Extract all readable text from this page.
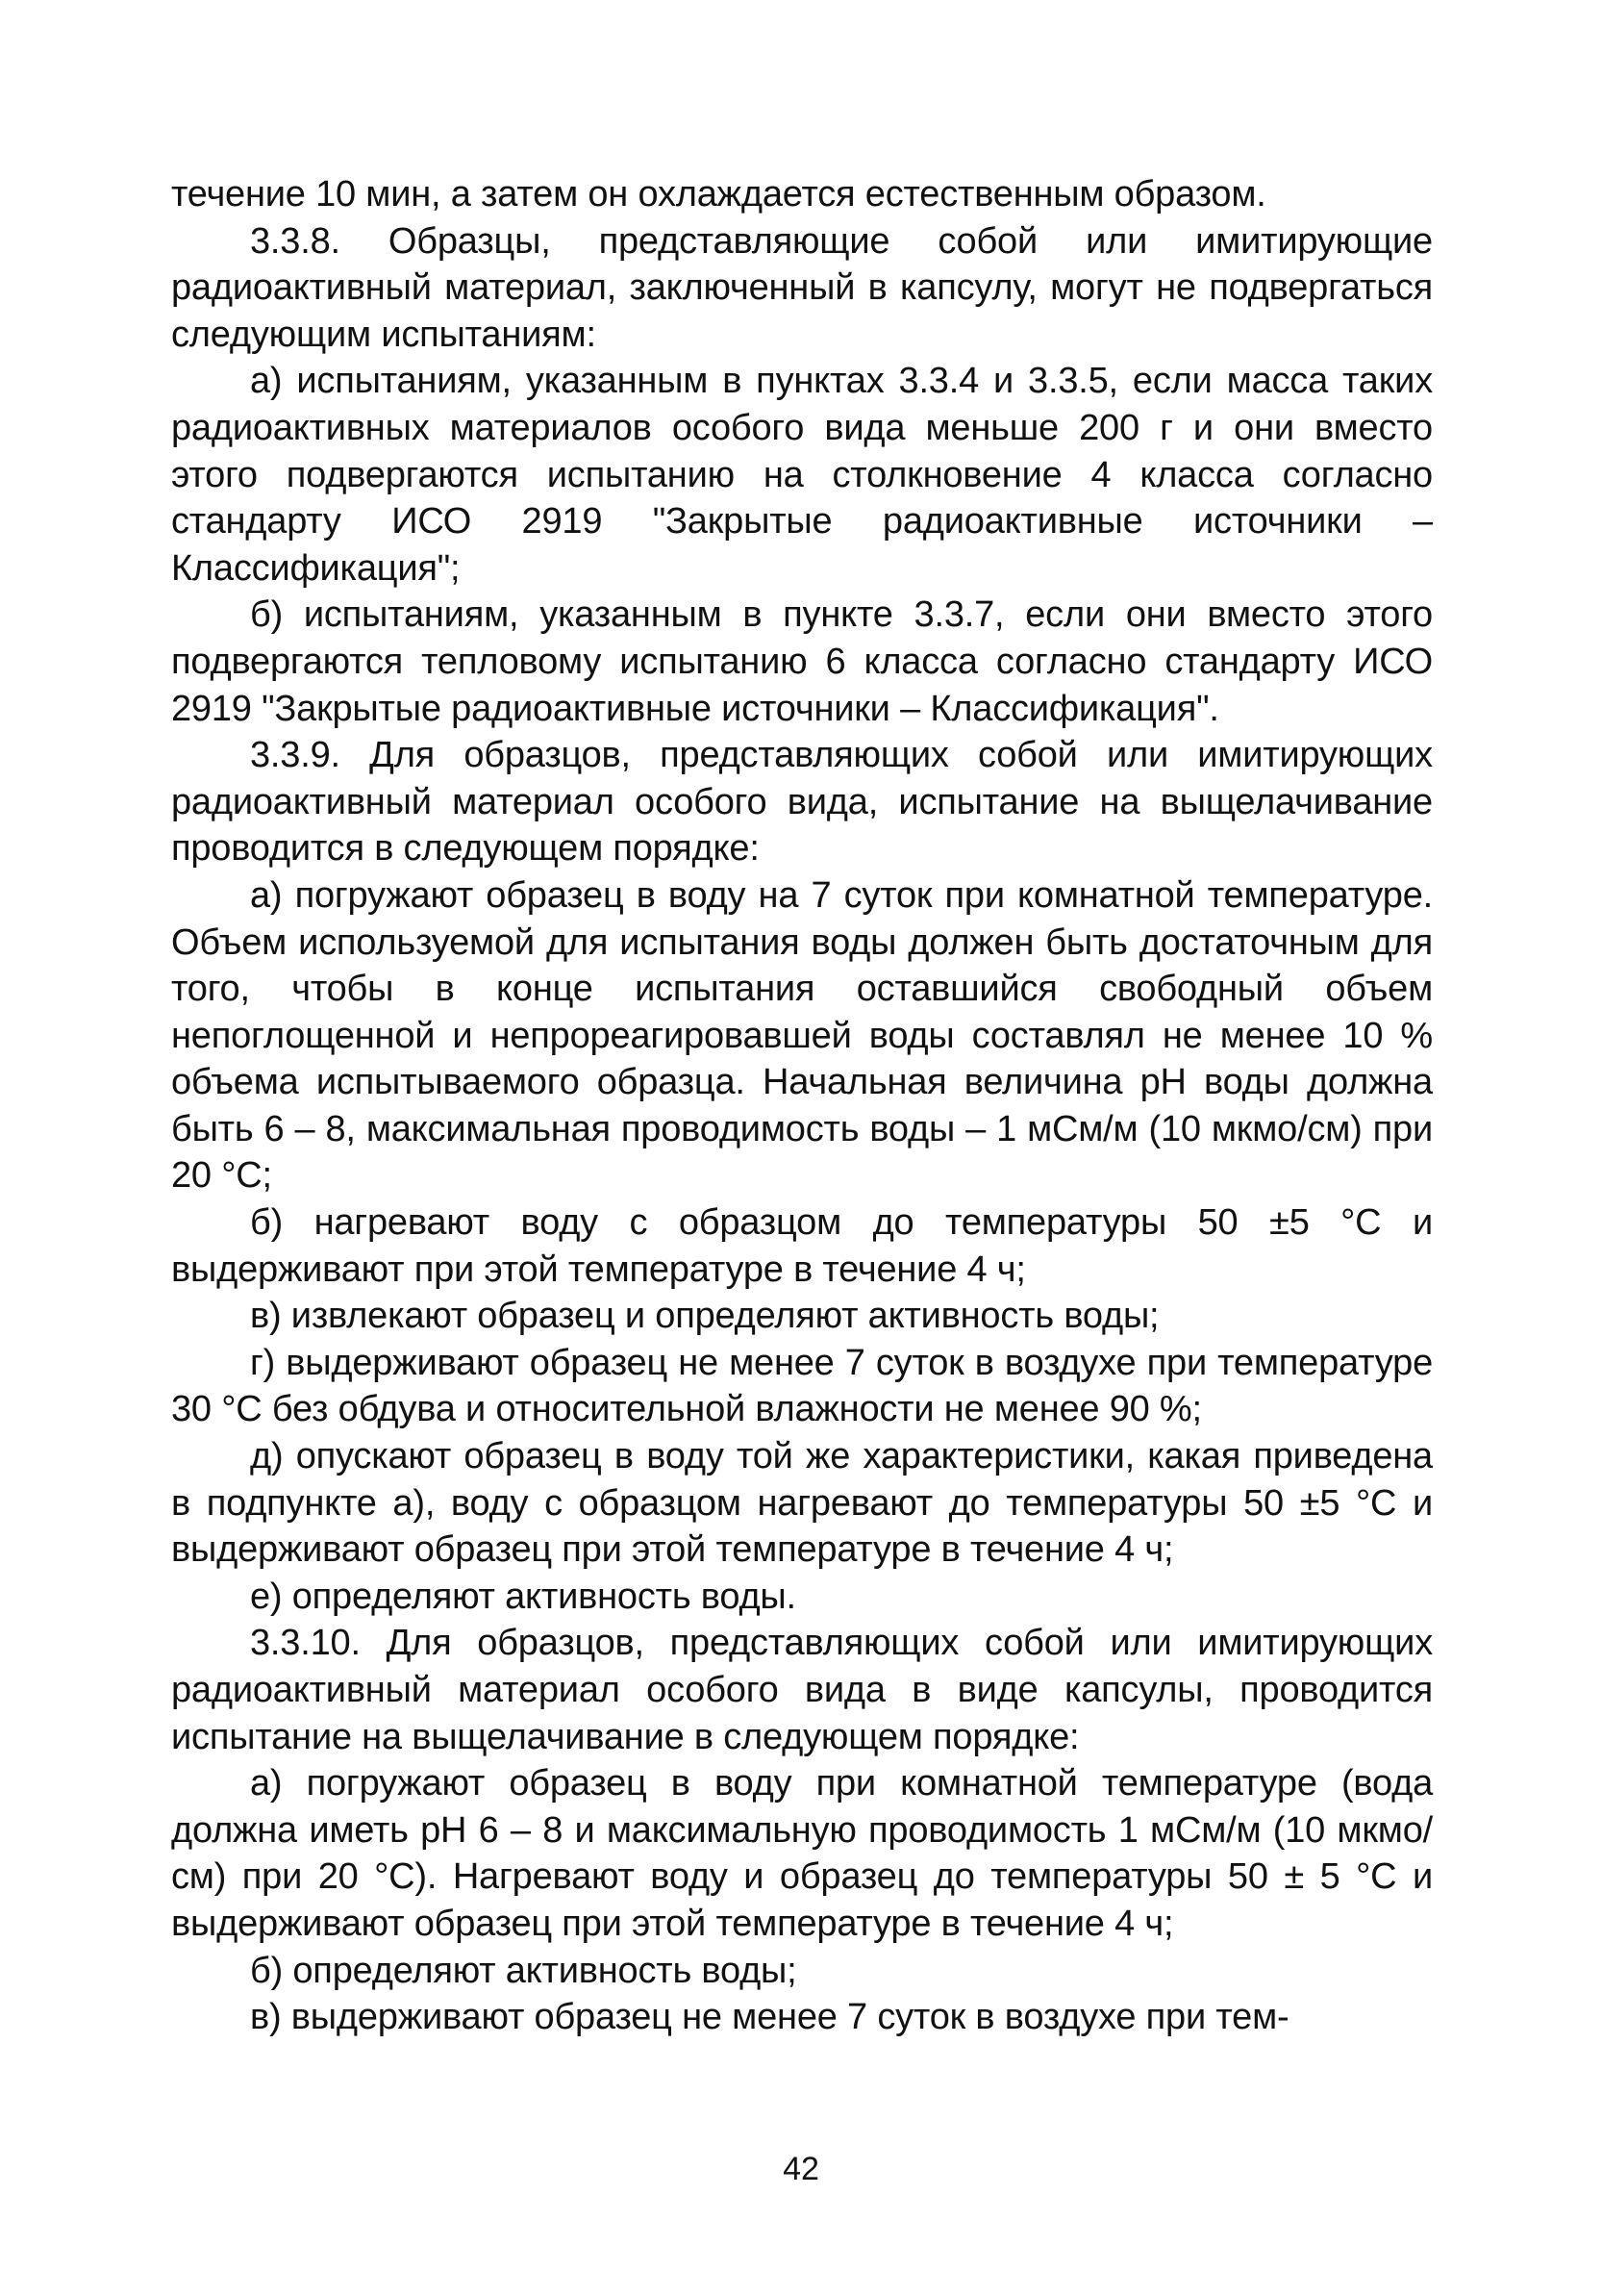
течение 10 мин, а затем он охлаждается естественным образом.

3.3.8. Образцы, представляющие собой или имитирующие радиоактивный материал, заключенный в капсулу, могут не подвергаться следующим испытаниям:

а) испытаниям, указанным в пунктах 3.3.4 и 3.3.5, если масса таких радиоактивных материалов особого вида меньше 200 г и они вместо этого подвергаются испытанию на столкновение 4 класса согласно стандарту ИСО 2919 "Закрытые радиоактивные источники – Классификация";

б) испытаниям, указанным в пункте 3.3.7, если они вместо этого подвергаются тепловому испытанию 6 класса согласно стандарту ИСО 2919 "Закрытые радиоактивные источники – Классификация".

3.3.9. Для образцов, представляющих собой или имитирующих радиоактивный материал особого вида, испытание на выщелачивание проводится в следующем порядке:

а) погружают образец в воду на 7 суток при комнатной температуре. Объем используемой для испытания воды должен быть достаточным для того, чтобы в конце испытания оставшийся свободный объем непоглощенной и непрореагировавшей воды составлял не менее 10 % объема испытываемого образца. Начальная величина pH воды должна быть 6 – 8, максимальная проводимость воды – 1 мСм/м (10 мкмо/см) при 20 °С;

б) нагревают воду с образцом до температуры 50 ±5 °С и выдерживают при этой температуре в течение 4 ч;

в) извлекают образец и определяют активность воды;

г) выдерживают образец не менее 7 суток в воздухе при температуре 30 °С без обдува и относительной влажности не менее 90 %;

д) опускают образец в воду той же характеристики, какая приведена в подпункте а), воду с образцом нагревают до температуры 50 ±5 °С и выдерживают образец при этой температуре в течение 4 ч;

е) определяют активность воды.

3.3.10. Для образцов, представляющих собой или имитирующих радиоактивный материал особого вида в виде капсулы, проводится испытание на выщелачивание в следующем порядке:

а) погружают образец в воду при комнатной температуре (вода должна иметь pH 6 – 8 и максимальную проводимость 1 мСм/м (10 мкмо/см) при 20 °С). Нагревают воду и образец до температуры 50 ± 5 °С и выдерживают образец при этой температуре в течение 4 ч;

б) определяют активность воды;

в) выдерживают образец не менее 7 суток в воздухе при тем-

42
